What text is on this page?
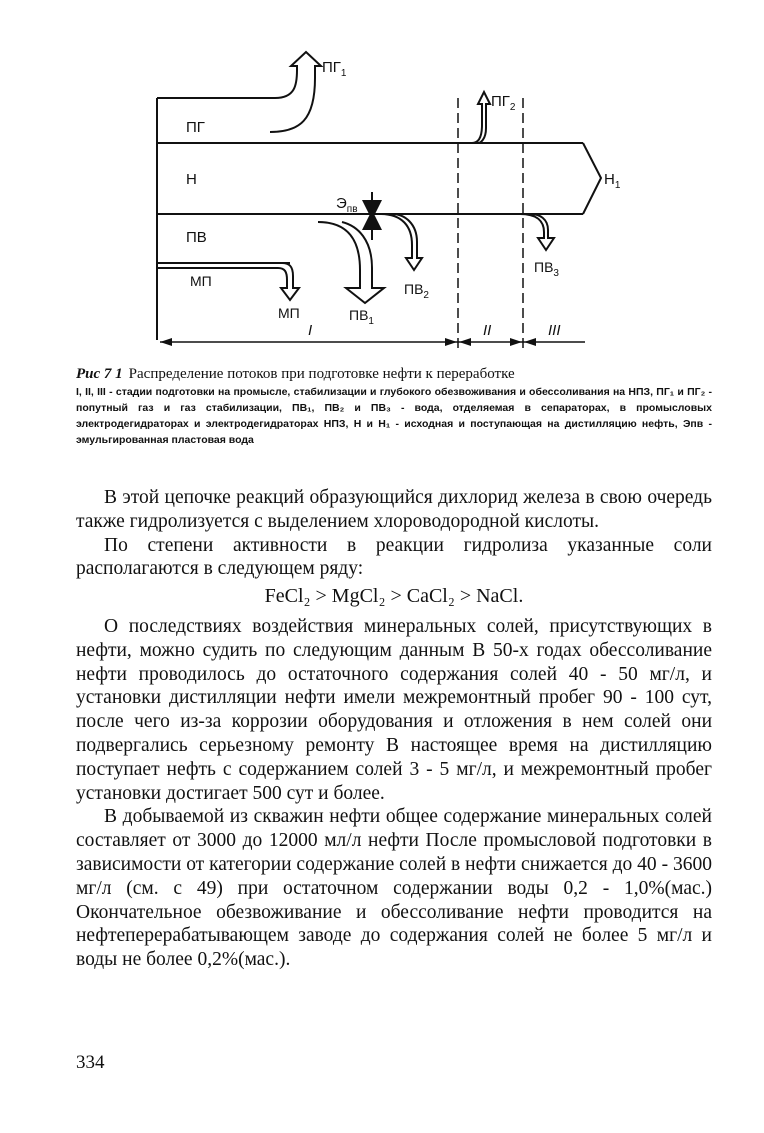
$ПГ_1$
ПГ
$ПГ_2$
$Н_1$
Н
$Э_{пв}$
ПВ
$ПВ_1$
$ПВ_2$
$ПВ_3$
МП
МП
I	II	III

Рис 7 1 Распределение потоков при подготовке нефти к переработке

I, II, III - стадии подготовки на промысле, стабилизации и глубокого обезвоживания и обессоливания на НПЗ, ПГ₁ и ПГ₂ - попутный газ и газ стабилизации, ПВ₁, ПВ₂ и ПВ₃ - вода, отделяемая в сепараторах, в промысловых электродегидраторах и электродегидраторах НПЗ, Н и Н₁ - исходная и поступающая на дистилляцию нефть, Эпв - эмульгированная пластовая вода

В этой цепочке реакций образующийся дихлорид железа в свою очередь также гидролизуется с выделением хлороводородной кислоты.

По степени активности в реакции гидролиза указанные соли располагаются в следующем ряду:

FeCl₂ > MgCl₂ > CaCl₂ > NaCl.

О последствиях воздействия минеральных солей, присутствующих в нефти, можно судить по следующим данным В 50-х годах обессоливание нефти проводилось до остаточного содержания солей 40 - 50 мг/л, и установки дистилляции нефти имели межремонтный пробег 90 - 100 сут, после чего из-за коррозии оборудования и отложения в нем солей они подвергались серьезному ремонту В настоящее время на дистилляцию поступает нефть с содержанием солей 3 - 5 мг/л, и межремонтный пробег установки достигает 500 сут и более.

В добываемой из скважин нефти общее содержание минеральных солей составляет от 3000 до 12000 мл/л нефти После промысловой подготовки в зависимости от категории содержание солей в нефти снижается до 40 - 3600 мг/л (см. с 49) при остаточном содержании воды 0,2 - 1,0%(мас.) Окончательное обезвоживание и обессоливание нефти проводится на нефтеперерабатывающем заводе до содержания солей не более 5 мг/л и воды не более 0,2%(мас.).

334
